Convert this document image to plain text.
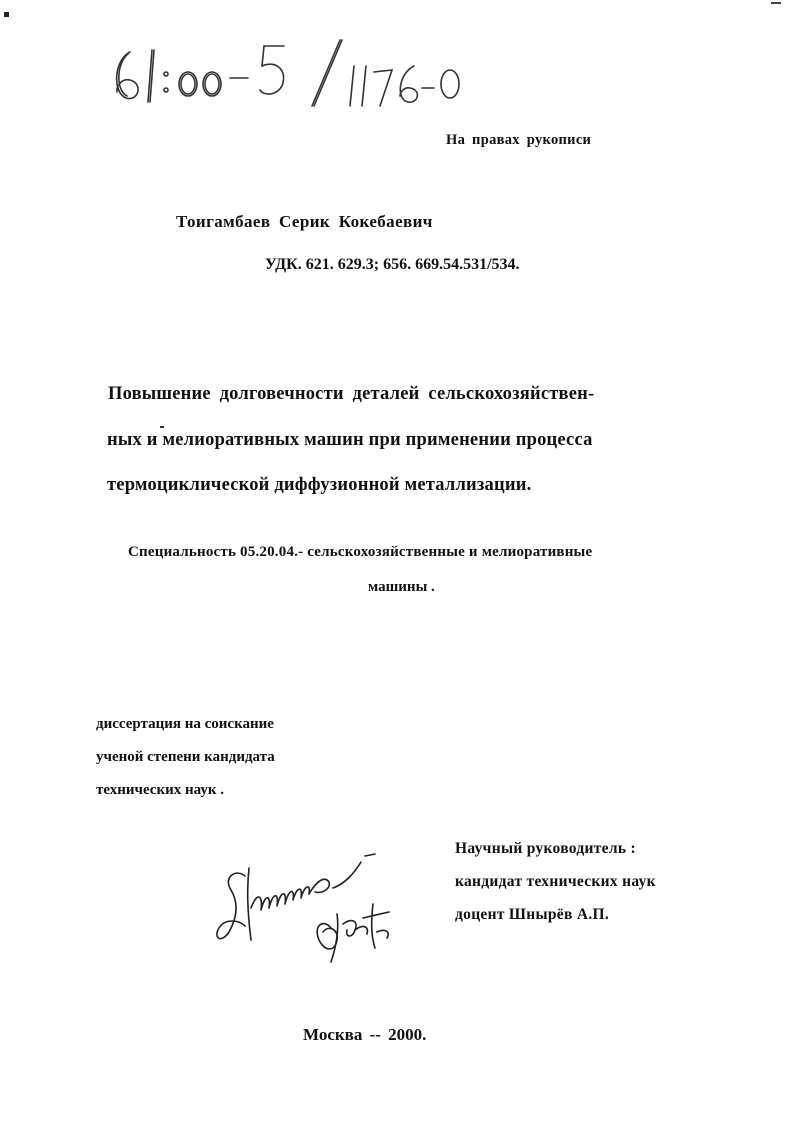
На правах рукописи
Тоигамбаев Серик Кокебаевич
УДК. 621. 629.3; 656. 669.54.531/534.
Повышение долговечности деталей сельскохозяйствен-
ных и мелиоративных машин при применении процесса
термоциклической диффузионной металлизации.
Специальность 05.20.04.- сельскохозяйственные и мелиоративные
машины .
диссертация на соискание
ученой степени кандидата
технических наук .
Научный руководитель :
кандидат технических наук
доцент Шнырёв А.П.
Москва -- 2000.
